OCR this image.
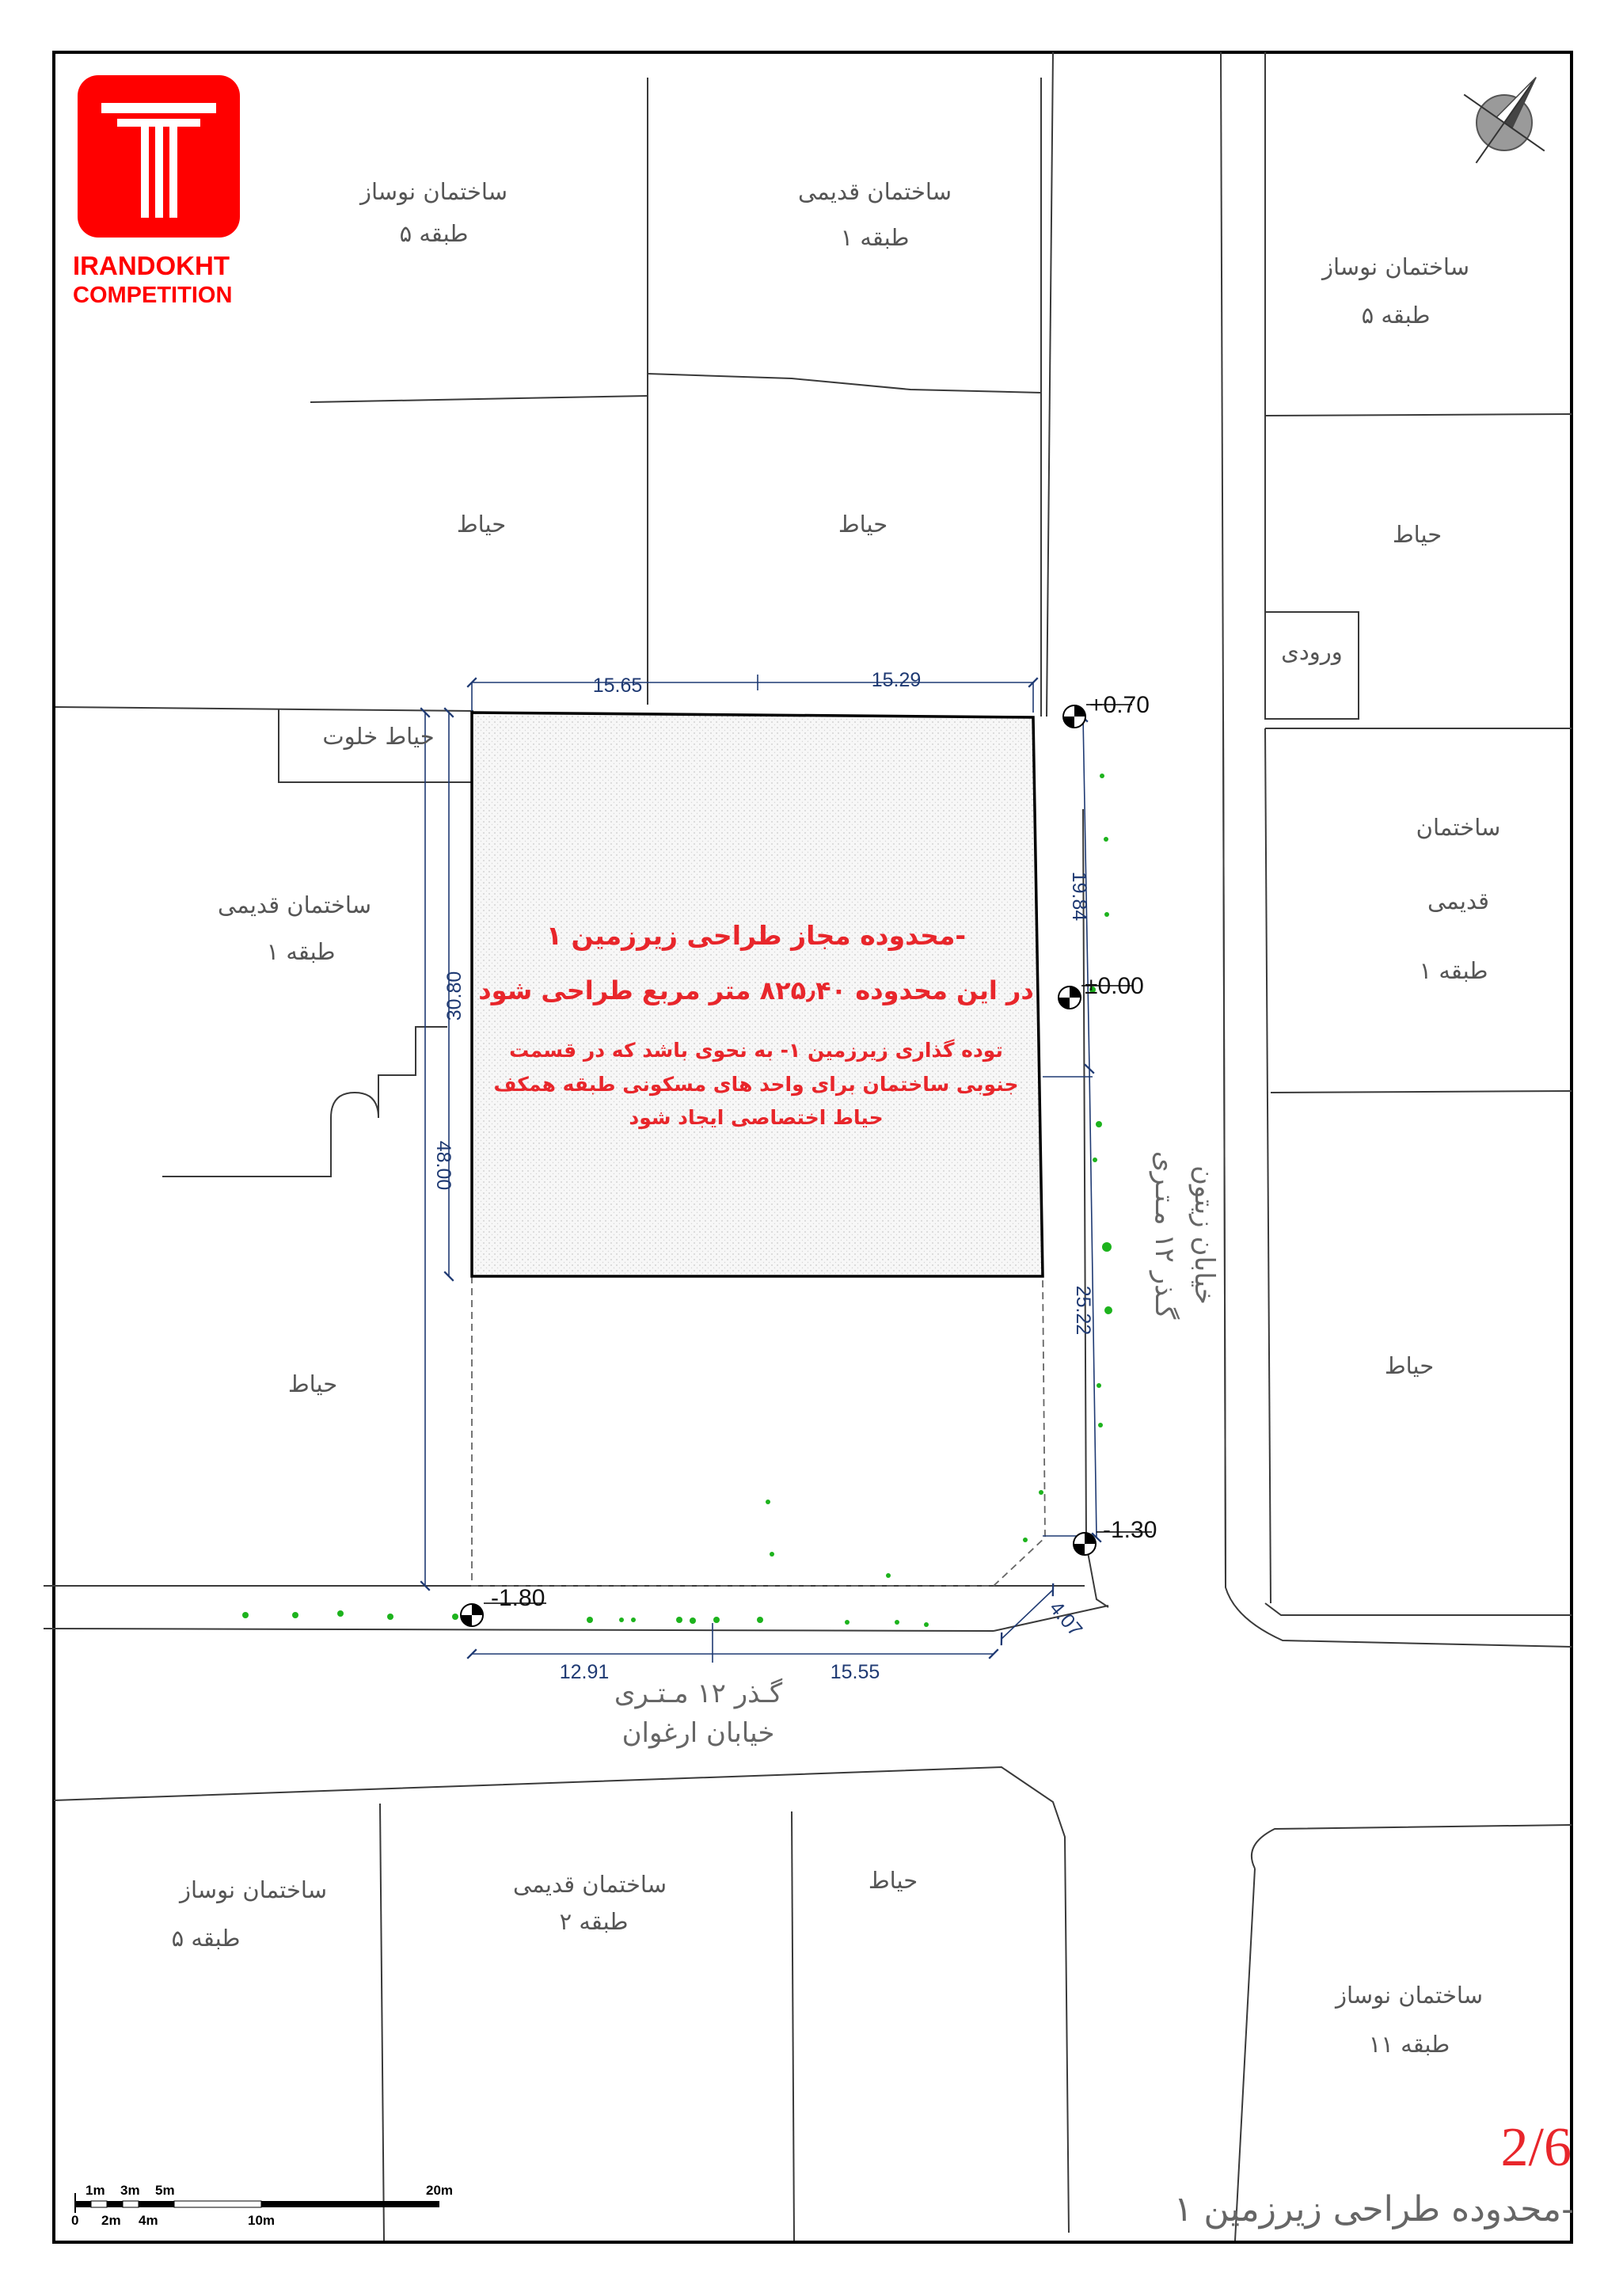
15.65	15.29
30.80
48.00
19.84
25.22
12.91	15.55
4.07
+0.70
±0.00
-1.30
-1.80
ساختمان نوساز
۵ طبقه
ساختمان قدیمی
۱ طبقه
ساختمان نوساز
۵ طبقه
حیاط	حیاط	حیاط
ورودی
حیاط خلوت
ساختمان قدیمی
۱ طبقه
ساختمان
قدیمی
۱ طبقه
حیاط
حیاط
ساختمان نوساز
۵ طبقه
ساختمان قدیمی
۲ طبقه
حیاط
ساختمان نوساز
۱۱ طبقه
محدوده مجاز طراحی زیرزمین ۱-
در این محدوده ۸۲۵٫۴۰ متر مربع طراحی شود
توده گذاری زیرزمین ۱- به نحوی باشد که در قسمت
جنوبی ساختمان برای واحد های مسکونی طبقه همکف
حیاط اختصاصی ایجاد شود
گـذر ۱۲ مـتـری
خیابان ارغوان
گـذر ۱۲ مـتـری خیابان زیتون
IRANDOKHT
COMPETITION
2/6
محدوده طراحی زیرزمین ۱-
1m 3m 5m	20m
0 2m 4m	10m
